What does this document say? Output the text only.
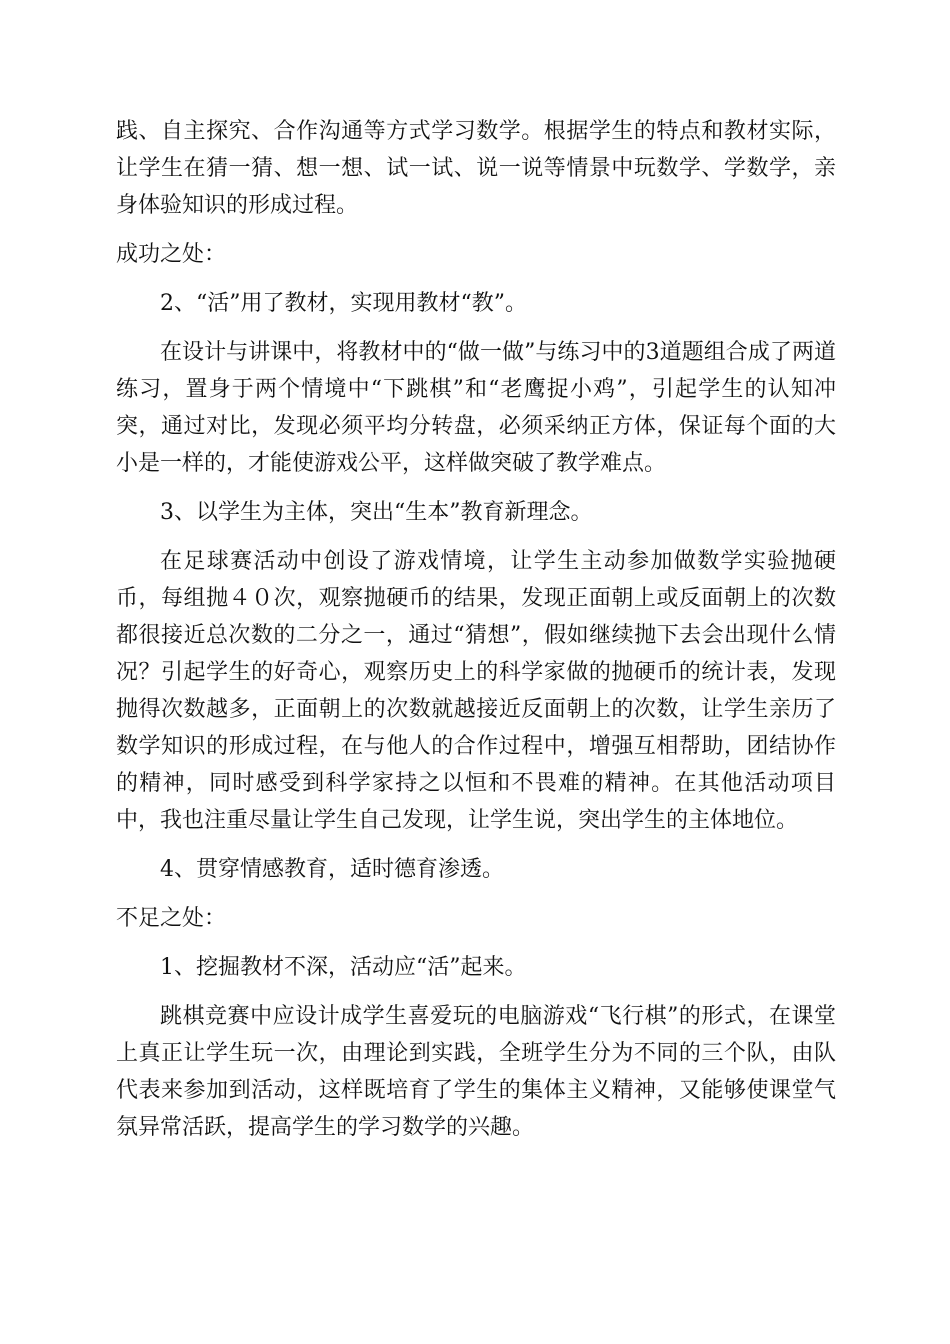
践、自主探究、合作沟通等方式学习数学。根据学生的特点和教材实际，让学生在猜一猜、想一想、试一试、说一说等情景中玩数学、学数学，亲身体验知识的形成过程。

成功之处：

2、“活”用了教材，实现用教材“教”。

在设计与讲课中，将教材中的“做一做”与练习中的3道题组合成了两道练习，置身于两个情境中“下跳棋”和“老鹰捉小鸡”，引起学生的认知冲突，通过对比，发现必须平均分转盘，必须采纳正方体，保证每个面的大小是一样的，才能使游戏公平，这样做突破了教学难点。

3、以学生为主体，突出“生本”教育新理念。

在足球赛活动中创设了游戏情境，让学生主动参加做数学实验抛硬币，每组抛４０次，观察抛硬币的结果，发现正面朝上或反面朝上的次数都很接近总次数的二分之一，通过“猜想”，假如继续抛下去会出现什么情况？引起学生的好奇心，观察历史上的科学家做的抛硬币的统计表，发现抛得次数越多，正面朝上的次数就越接近反面朝上的次数，让学生亲历了数学知识的形成过程，在与他人的合作过程中，增强互相帮助，团结协作的精神，同时感受到科学家持之以恒和不畏难的精神。在其他活动项目中，我也注重尽量让学生自己发现，让学生说，突出学生的主体地位。

4、贯穿情感教育，适时德育渗透。

不足之处：

1、挖掘教材不深，活动应“活”起来。

跳棋竞赛中应设计成学生喜爱玩的电脑游戏“飞行棋”的形式，在课堂上真正让学生玩一次，由理论到实践，全班学生分为不同的三个队，由队代表来参加到活动，这样既培育了学生的集体主义精神，又能够使课堂气氛异常活跃，提高学生的学习数学的兴趣。
